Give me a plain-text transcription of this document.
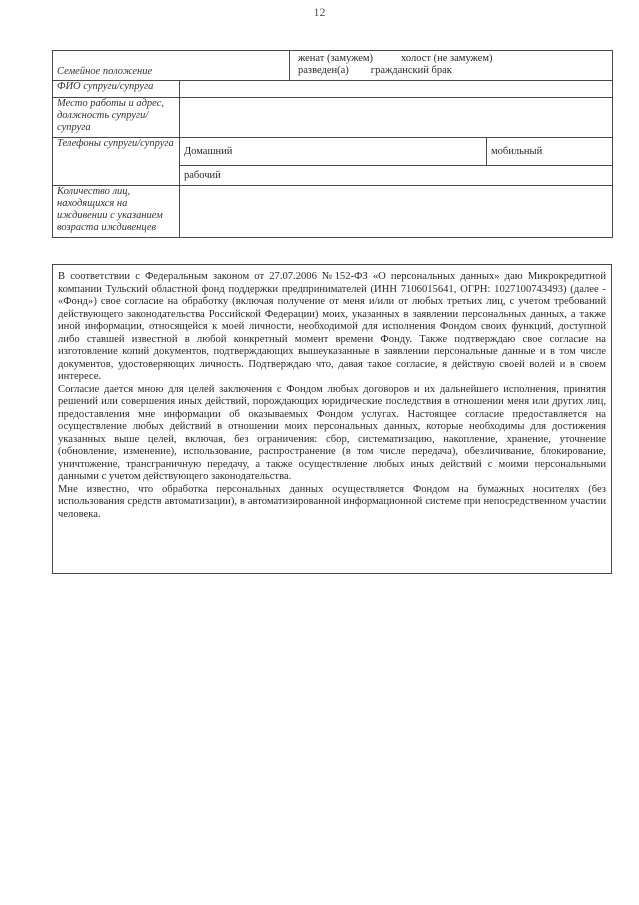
12
Семейное положение		женат (замужем) холост (не замужем)
разведен(а) гражданский брак	

ФИО супруги/супруга			
Место работы и адрес, должность супруги/супруга			
Телефоны супруги/супруга	Домашний		мобильный
	рабочий		
Количество лиц, находящихся на иждивении с указанием возраста иждивенцев			

В соответствии с Федеральным законом от 27.07.2006 №152-ФЗ «О персональных данных» даю Микрокредитной компании Тульский областной фонд поддержки предпринимателей (ИНН 7106015641, ОГРН: 1027100743493) (далее - «Фонд») свое согласие на обработку (включая получение от меня и/или от любых третьих лиц, с учетом требований действующего законодательства Российской Федерации) моих, указанных в заявлении персональных данных, а также иной информации, относящейся к моей личности, необходимой для исполнения Фондом своих функций, доступной либо ставшей известной в любой конкретный момент времени Фонду. Также подтверждаю свое согласие на изготовление копий документов, подтверждающих вышеуказанные в заявлении персональные данные и в том числе документов, удостоверяющих личность. Подтверждаю что, давая такое согласие, я действую своей волей и в своем интересе.

Согласие дается мною для целей заключения с Фондом любых договоров и их дальнейшего исполнения, принятия решений или совершения иных действий, порождающих юридические последствия в отношении меня или других лиц, предоставления мне информации об оказываемых Фондом услугах. Настоящее согласие предоставляется на осуществление любых действий в отношении моих персональных данных, которые необходимы для достижения указанных выше целей, включая, без ограничения: сбор, систематизацию, накопление, хранение, уточнение (обновление, изменение), использование, распространение (в том числе передача), обезличивание, блокирование, уничтожение, трансграничную передачу, а также осуществление любых иных действий с моими персональными данными с учетом действующего законодательства.

Мне известно, что обработка персональных данных осуществляется Фондом на бумажных носителях (без использования средств автоматизации), в автоматизированной информационной системе при непосредственном участии человека.
